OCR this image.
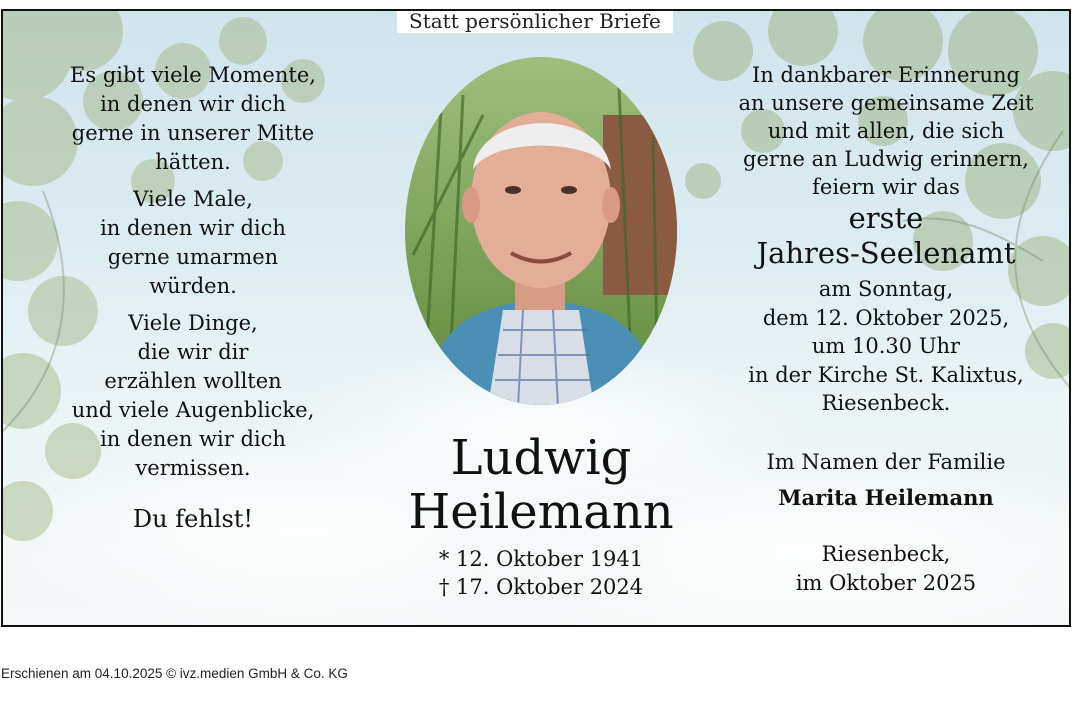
Statt persönlicher Briefe

Es gibt viele Momente,
in denen wir dich
gerne in unserer Mitte
hätten.

Viele Male,
in denen wir dich
gerne umarmen
würden.

Viele Dinge,
die wir dir
erzählen wollten
und viele Augenblicke,
in denen wir dich
vermissen.

Du fehlst!

Ludwig

Heilemann

* 12. Oktober 1941
† 17. Oktober 2024

In dankbarer Erinnerung
an unsere gemeinsame Zeit
und mit allen, die sich
gerne an Ludwig erinnern,
feiern wir das

erste
Jahres-Seelenamt

am Sonntag,
dem 12. Oktober 2025,
um 10.30 Uhr
in der Kirche St. Kalixtus,
Riesenbeck.

Im Namen der Familie

Marita Heilemann

Riesenbeck,
im Oktober 2025

Erschienen am 04.10.2025 © ivz.medien GmbH & Co. KG
